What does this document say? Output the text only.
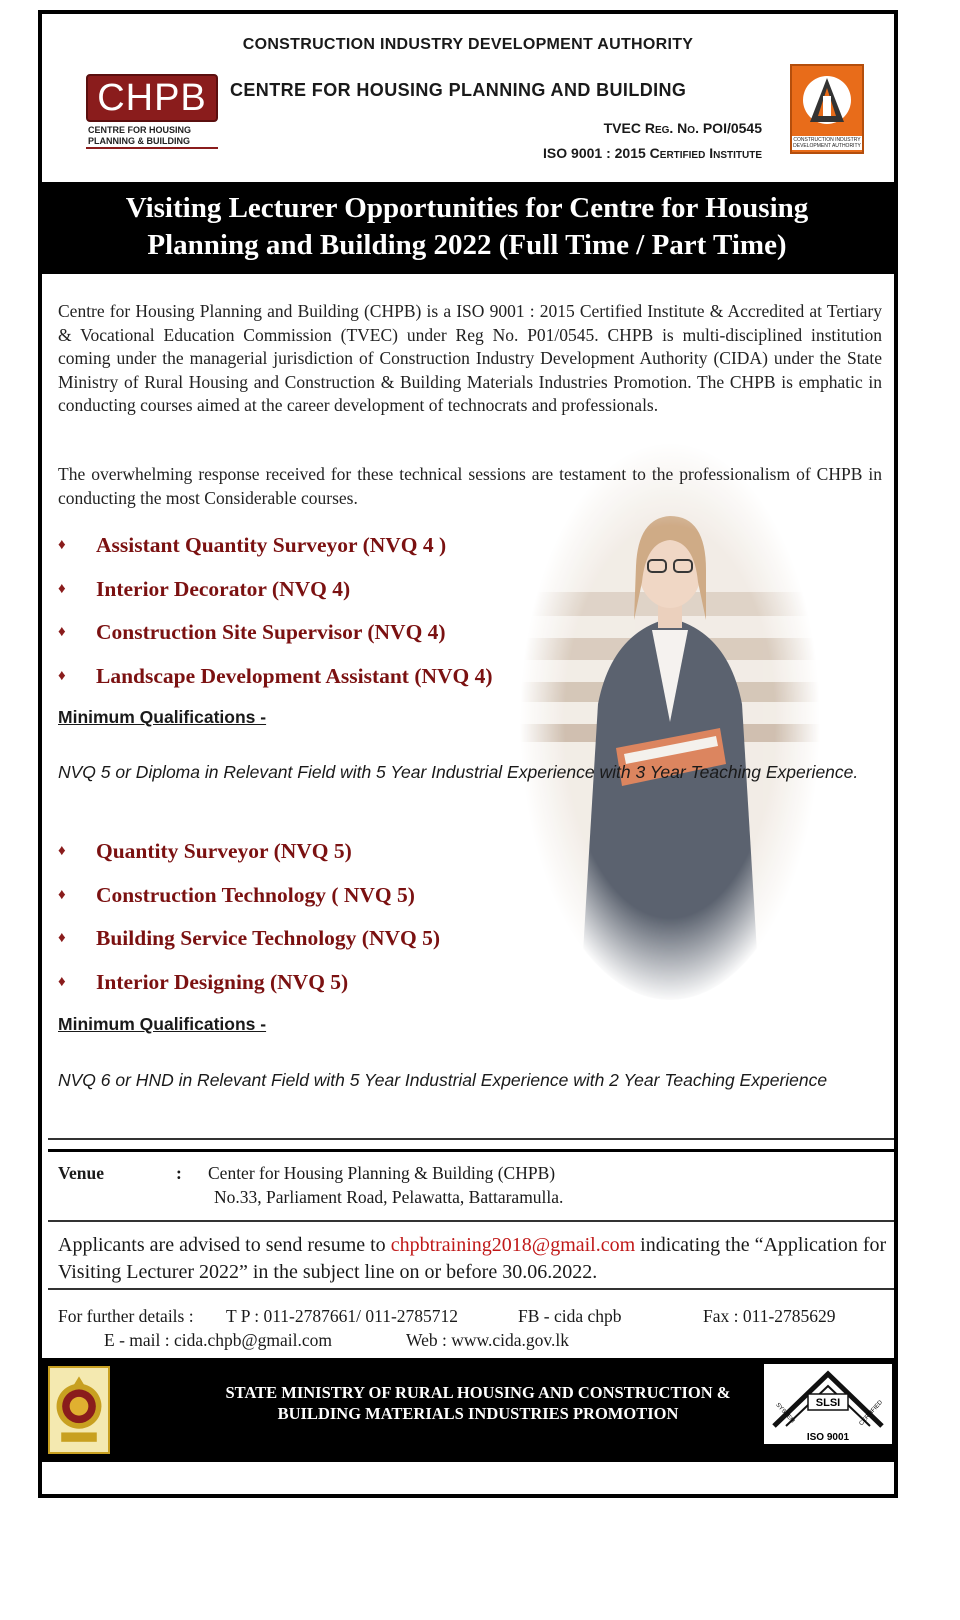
CONSTRUCTION INDUSTRY DEVELOPMENT AUTHORITY
CHPB
CENTRE FOR HOUSING PLANNING & BUILDING
CENTRE FOR HOUSING PLANNING AND BUILDING
TVEC Reg. No. POI/0545
ISO 9001 : 2015 Certified Institute
CONSTRUCTION INDUSTRY DEVELOPMENT AUTHORITY
Visiting Lecturer Opportunities for Centre for Housing
Planning and Building 2022 (Full Time / Part Time)
Centre for Housing Planning and Building (CHPB) is a ISO 9001 : 2015 Certified Institute & Accredited at Tertiary & Vocational Education Commission (TVEC) under Reg No. P01/0545. CHPB is multi-disciplined institution coming under the managerial jurisdiction of Construction Industry Development Authority (CIDA) under the State Ministry of Rural Housing and Construction & Building Materials Industries Promotion. The CHPB is emphatic in conducting courses aimed at the career development of technocrats and professionals.
The overwhelming response received for these technical sessions are testament to the professionalism of CHPB in conducting the most Considerable courses.
♦	Assistant Quantity Surveyor (NVQ 4 )
♦	Interior Decorator (NVQ 4)
♦	Construction Site Supervisor (NVQ 4)
♦	Landscape Development Assistant (NVQ 4)
Minimum Qualifications -
NVQ 5 or Diploma in Relevant Field with 5 Year Industrial Experience with 3 Year Teaching Experience.
♦	Quantity Surveyor (NVQ 5)
♦	Construction Technology ( NVQ 5)
♦	Building Service Technology (NVQ 5)
♦	Interior Designing (NVQ 5)
Minimum Qualifications -
NVQ 6 or HND in Relevant Field with 5 Year Industrial Experience with 2 Year Teaching Experience
Venue	: Center for Housing Planning & Building (CHPB)
No.33, Parliament Road, Pelawatta, Battaramulla.
Applicants are advised to send resume to chpbtraining2018@gmail.com indicating the “Application for Visiting Lecturer 2022” in the subject line on or before 30.06.2022.
For further details : T P : 011-2787661/ 011-2785712	FB - cida chpb	Fax : 011-2785629
E - mail : cida.chpb@gmail.com	Web : www.cida.gov.lk
STATE MINISTRY OF RURAL HOUSING AND CONSTRUCTION &
BUILDING MATERIALS INDUSTRIES PROMOTION
SLSI
ISO 9001
SYSTEM	CERTIFIED
